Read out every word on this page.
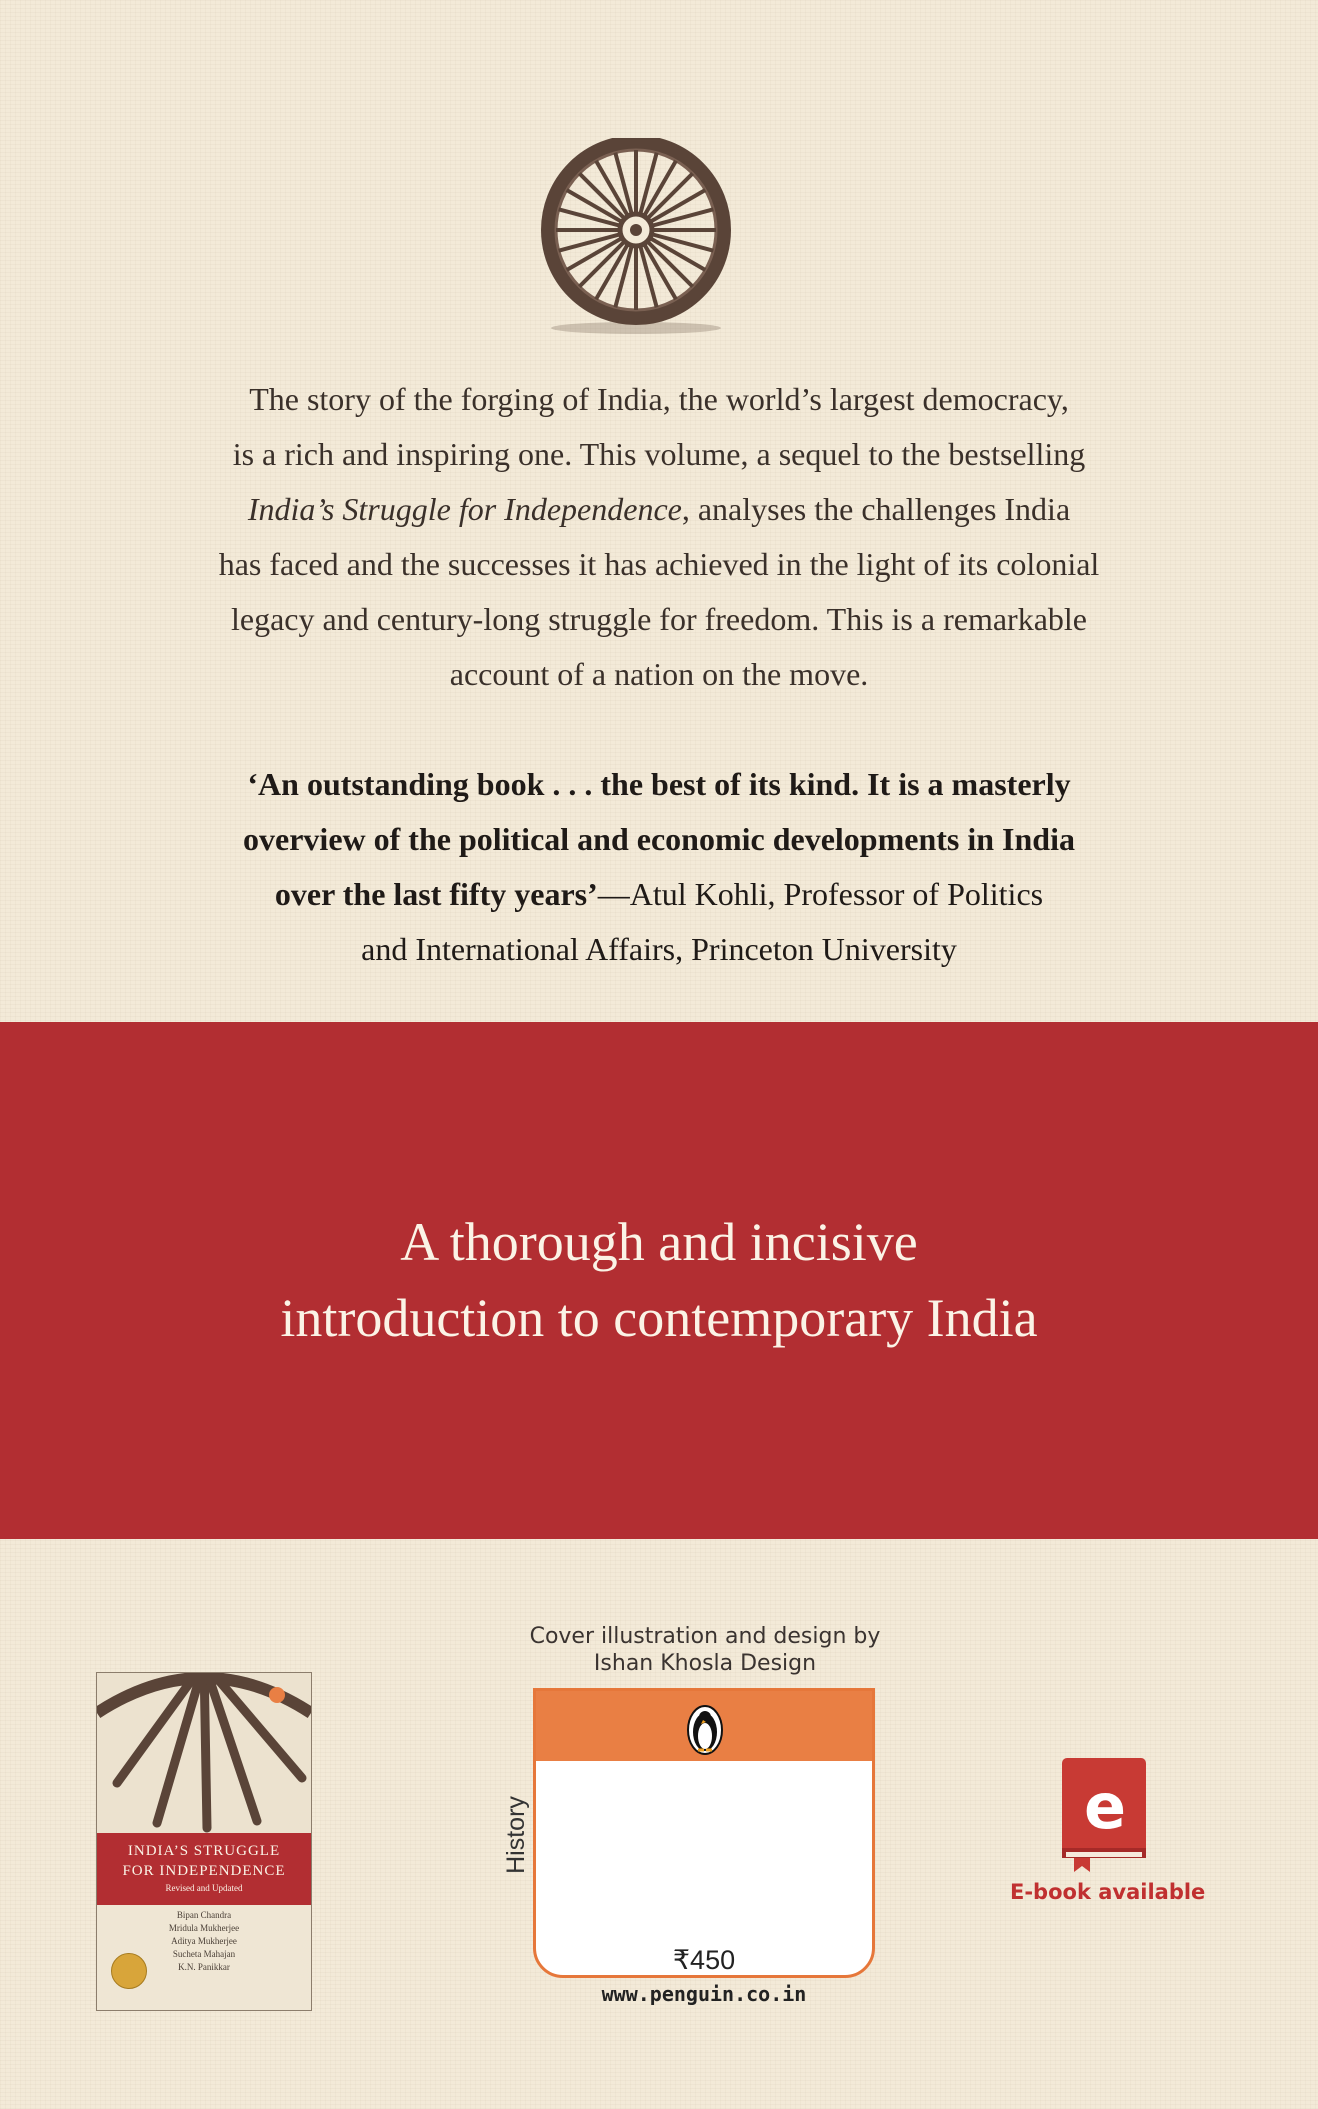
The story of the forging of India, the world’s largest democracy,
is a rich and inspiring one. This volume, a sequel to the bestselling
India’s Struggle for Independence, analyses the challenges India
has faced and the successes it has achieved in the light of its colonial
legacy and century-long struggle for freedom. This is a remarkable
account of a nation on the move.
‘An outstanding book . . . the best of its kind. It is a masterly
overview of the political and economic developments in India
over the last fifty years’—Atul Kohli, Professor of Politics
and International Affairs, Princeton University
A thorough and incisive
introduction to contemporary India
INDIA’S STRUGGLE
FOR INDEPENDENCE
Revised and Updated
Bipan Chandra
Mridula Mukherjee
Aditya Mukherjee
Sucheta Mahajan
K.N. Panikkar
Cover illustration and design by
Ishan Khosla Design
History
₹450
www.penguin.co.in
e
E-book available
